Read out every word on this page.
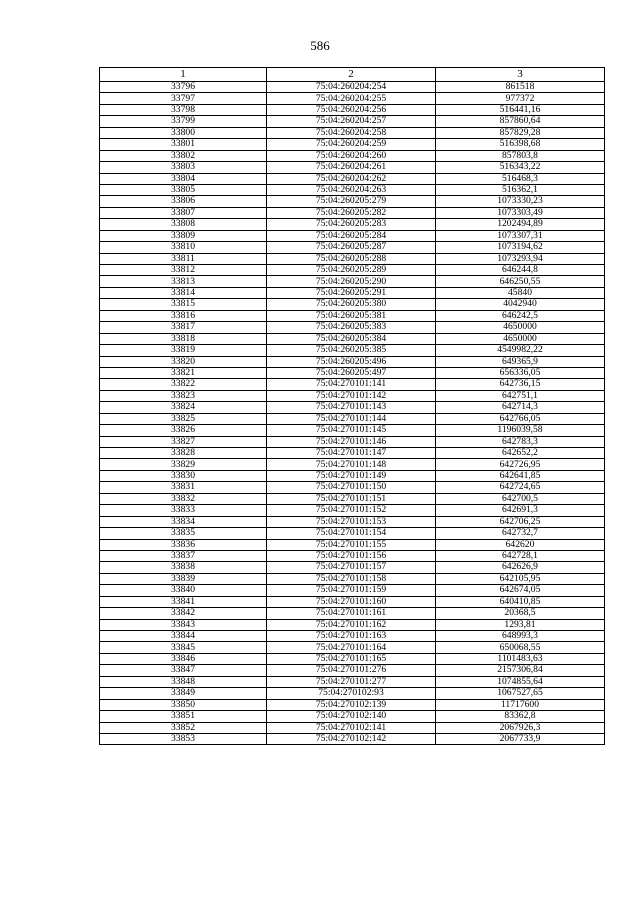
586
1	2	3
33796	75:04:260204:254	861518
33797	75:04:260204:255	977372
33798	75:04:260204:256	516441,16
33799	75:04:260204:257	857860,64
33800	75:04:260204:258	857829,28
33801	75:04:260204:259	516398,68
33802	75:04:260204:260	857803,8
33803	75:04:260204:261	516343,22
33804	75:04:260204:262	516468,3
33805	75:04:260204:263	516362,1
33806	75:04:260205:279	1073330,23
33807	75:04:260205:282	1073303,49
33808	75:04:260205:283	1202494,89
33809	75:04:260205:284	1073307,31
33810	75:04:260205:287	1073194,62
33811	75:04:260205:288	1073293,94
33812	75:04:260205:289	646244,8
33813	75:04:260205:290	646250,55
33814	75:04:260205:291	45840
33815	75:04:260205:380	4042940
33816	75:04:260205:381	646242,5
33817	75:04:260205:383	4650000
33818	75:04:260205:384	4650000
33819	75:04:260205:385	4549982,22
33820	75:04:260205:496	649365,9
33821	75:04:260205:497	656336,05
33822	75:04:270101:141	642736,15
33823	75:04:270101:142	642751,1
33824	75:04:270101:143	642714,3
33825	75:04:270101:144	642766,05
33826	75:04:270101:145	1196039,58
33827	75:04:270101:146	642783,3
33828	75:04:270101:147	642652,2
33829	75:04:270101:148	642726,95
33830	75:04:270101:149	642641,85
33831	75:04:270101:150	642724,65
33832	75:04:270101:151	642700,5
33833	75:04:270101:152	642691,3
33834	75:04:270101:153	642706,25
33835	75:04:270101:154	642732,7
33836	75:04:270101:155	642620
33837	75:04:270101:156	642728,1
33838	75:04:270101:157	642626,9
33839	75:04:270101:158	642105,95
33840	75:04:270101:159	642674,05
33841	75:04:270101:160	640410,85
33842	75:04:270101:161	20368,5
33843	75:04:270101:162	1293,81
33844	75:04:270101:163	648993,3
33845	75:04:270101:164	650068,55
33846	75:04:270101:165	1101483,63
33847	75:04:270101:276	2157306,84
33848	75:04:270101:277	1074855,64
33849	75:04:270102:93	1067527,65
33850	75:04:270102:139	11717600
33851	75:04:270102:140	83362,8
33852	75:04:270102:141	2067926,3
33853	75:04:270102:142	2067733,9
